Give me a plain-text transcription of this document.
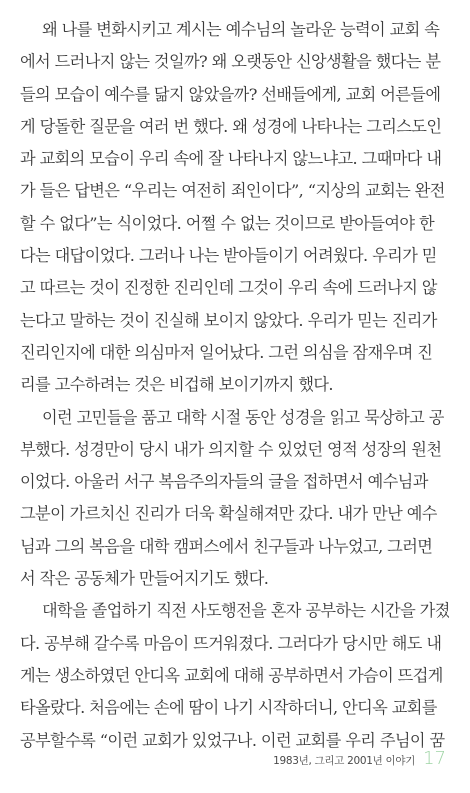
왜 나를 변화시키고 계시는 예수님의 놀라운 능력이 교회 속
에서 드러나지 않는 것일까? 왜 오랫동안 신앙생활을 했다는 분
들의 모습이 예수를 닮지 않았을까? 선배들에게, 교회 어른들에
게 당돌한 질문을 여러 번 했다. 왜 성경에 나타나는 그리스도인
과 교회의 모습이 우리 속에 잘 나타나지 않느냐고. 그때마다 내
가 들은 답변은 “우리는 여전히 죄인이다”, “지상의 교회는 완전
할 수 없다”는 식이었다. 어쩔 수 없는 것이므로 받아들여야 한
다는 대답이었다. 그러나 나는 받아들이기 어려웠다. 우리가 믿
고 따르는 것이 진정한 진리인데 그것이 우리 속에 드러나지 않
는다고 말하는 것이 진실해 보이지 않았다. 우리가 믿는 진리가
진리인지에 대한 의심마저 일어났다. 그런 의심을 잠재우며 진
리를 고수하려는 것은 비겁해 보이기까지 했다.
이런 고민들을 품고 대학 시절 동안 성경을 읽고 묵상하고 공
부했다. 성경만이 당시 내가 의지할 수 있었던 영적 성장의 원천
이었다. 아울러 서구 복음주의자들의 글을 접하면서 예수님과
그분이 가르치신 진리가 더욱 확실해져만 갔다. 내가 만난 예수
님과 그의 복음을 대학 캠퍼스에서 친구들과 나누었고, 그러면
서 작은 공동체가 만들어지기도 했다.
대학을 졸업하기 직전 사도행전을 혼자 공부하는 시간을 가졌
다. 공부해 갈수록 마음이 뜨거워졌다. 그러다가 당시만 해도 내
게는 생소하였던 안디옥 교회에 대해 공부하면서 가슴이 뜨겁게
타올랐다. 처음에는 손에 땀이 나기 시작하더니, 안디옥 교회를
공부할수록 “이런 교회가 있었구나. 이런 교회를 우리 주님이 꿈
1983년, 그리고 2001년 이야기 17
